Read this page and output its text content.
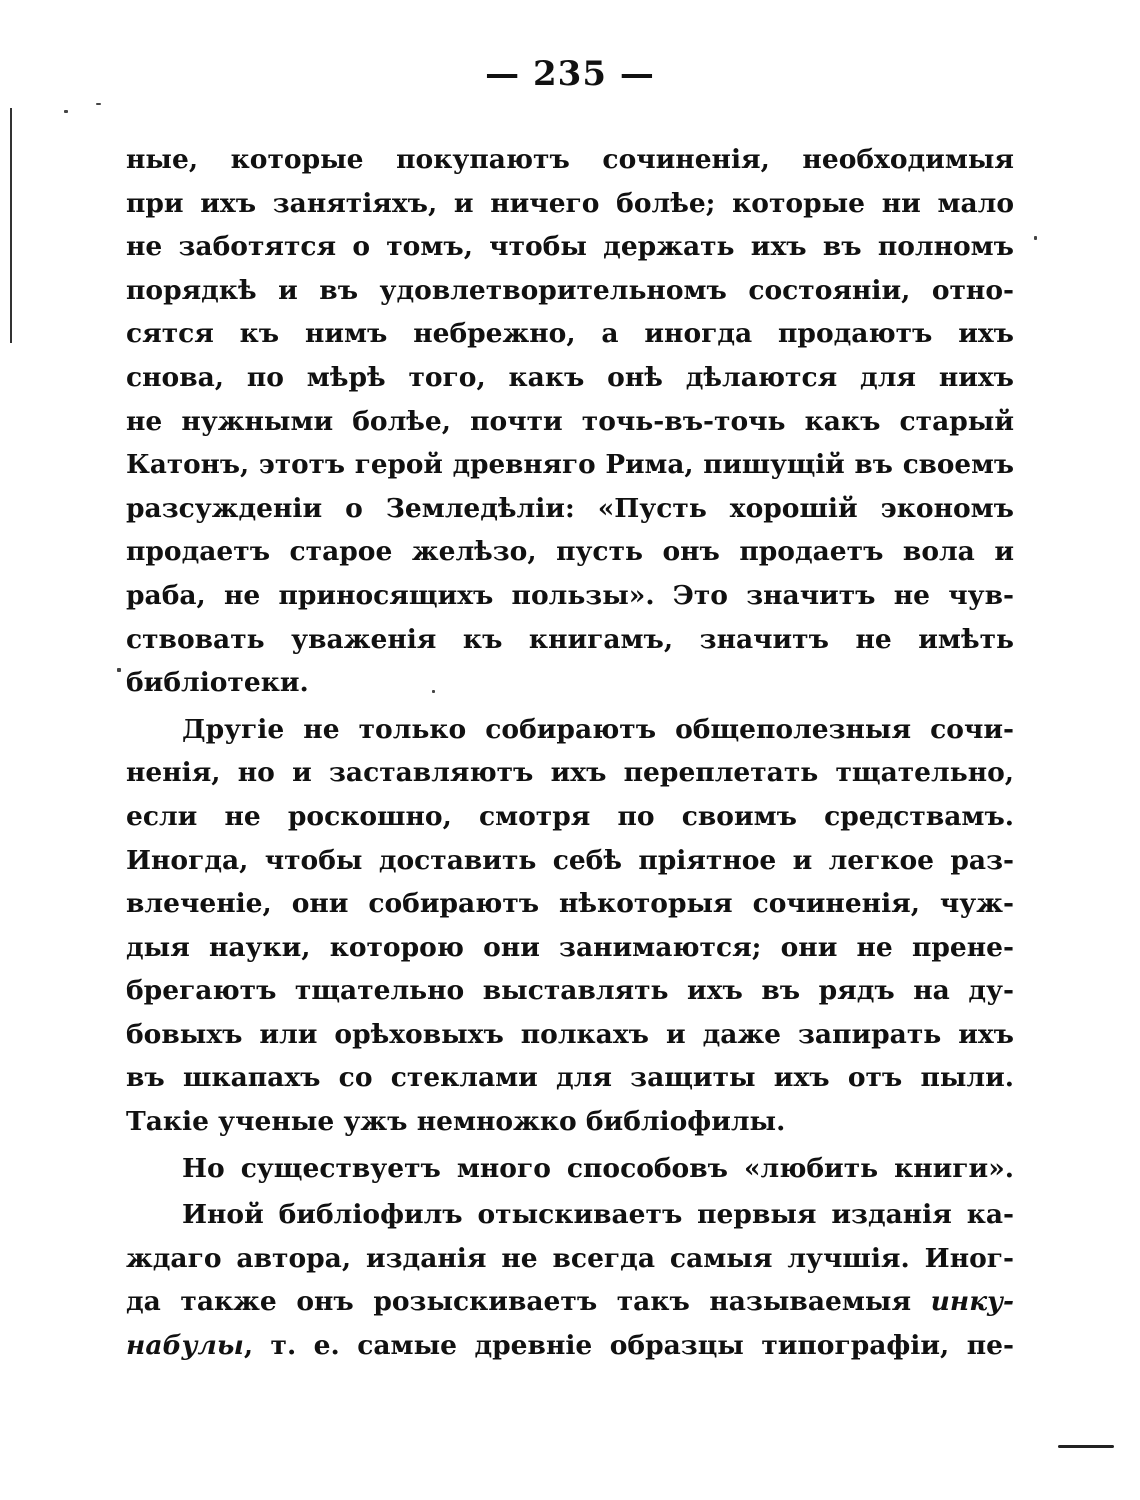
— 235 —
ные, которые покупаютъ сочиненія, необходимыя
при ихъ занятіяхъ, и ничего болѣе; которые ни мало
не заботятся о томъ, чтобы держать ихъ въ полномъ
порядкѣ и въ удовлетворительномъ состояніи, отно-
сятся къ нимъ небрежно, а иногда продаютъ ихъ
снова, по мѣрѣ того, какъ онѣ дѣлаются для нихъ
не нужными болѣе, почти точь-въ-точь какъ старый
Катонъ, этотъ герой древняго Рима, пишущій въ своемъ
разсужденіи о Земледѣліи: «Пусть хорошій экономъ
продаетъ старое желѣзо, пусть онъ продаетъ вола и
раба, не приносящихъ пользы». Это значитъ не чув-
ствовать уваженія къ книгамъ, значитъ не имѣть
библіотеки.
Другіе не только собираютъ общеполезныя сочи-
ненія, но и заставляютъ ихъ переплетать тщательно,
если не роскошно, смотря по своимъ средствамъ.
Иногда, чтобы доставить себѣ пріятное и легкое раз-
влеченіе, они собираютъ нѣкоторыя сочиненія, чуж-
дыя науки, которою они занимаются; они не пренe-
брегаютъ тщательно выставлять ихъ въ рядъ на ду-
бовыхъ или орѣховыхъ полкахъ и даже запирать ихъ
въ шкапахъ со стеклами для защиты ихъ отъ пыли.
Такіе ученые ужъ немножко библіофилы.
Но существуетъ много способовъ «любить книги».
Иной библіофилъ отыскиваетъ первыя изданія ка-
ждаго автора, изданія не всегда самыя лучшія. Иног-
да также онъ розыскиваетъ такъ называемыя инку-
набулы, т. е. самые древніе образцы типографіи, пе-
